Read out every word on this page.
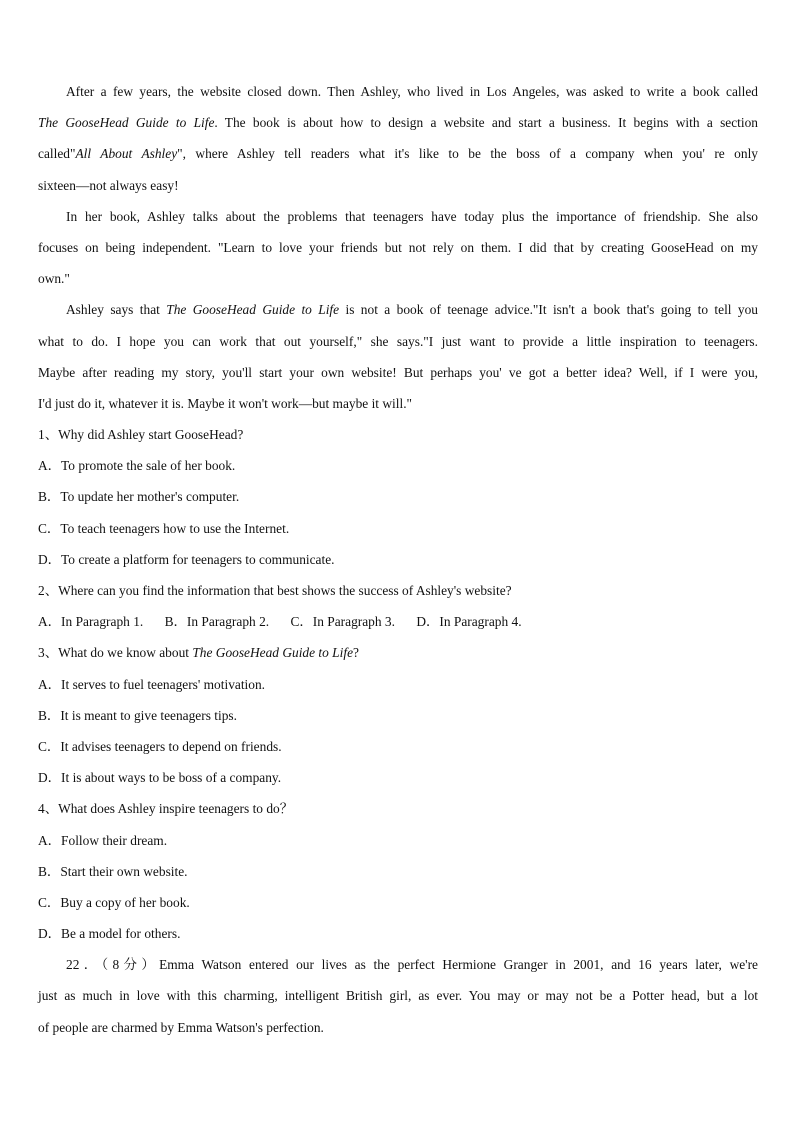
After a few years, the website closed down. Then Ashley, who lived in Los Angeles, was asked to write a book called
The GooseHead Guide to Life. The book is about how to design a website and start a business. It begins with a section
called"All About Ashley", where Ashley tell readers what it's like to be the boss of a company when you' re only
sixteen—not always easy!
In her book, Ashley talks about the problems that teenagers have today plus the importance of friendship. She also
focuses on being independent. "Learn to love your friends but not rely on them. I did that by creating GooseHead on my
own."
Ashley says that The GooseHead Guide to Life is not a book of teenage advice."It isn't a book that's going to tell you
what to do. I hope you can work that out yourself," she says."I just want to provide a little inspiration to teenagers.
Maybe after reading my story, you'll start your own website! But perhaps you' ve got a better idea? Well, if I were you,
I'd just do it, whatever it is. Maybe it won't work—but maybe it will."
1、Why did Ashley start GooseHead?
A．To promote the sale of her book.
B．To update her mother's computer.
C．To teach teenagers how to use the Internet.
D．To create a platform for teenagers to communicate.
2、Where can you find the information that best shows the success of Ashley's website?
A．In Paragraph 1. B．In Paragraph 2. C．In Paragraph 3. D．In Paragraph 4.
3、What do we know about The GooseHead Guide to Life?
A．It serves to fuel teenagers' motivation.
B．It is meant to give teenagers tips.
C．It advises teenagers to depend on friends.
D．It is about ways to be boss of a company.
4、What does Ashley inspire teenagers to do？
A．Follow their dream.
B．Start their own website.
C．Buy a copy of her book.
D．Be a model for others.
22．（8分）Emma Watson entered our lives as the perfect Hermione Granger in 2001, and 16 years later, we're
just as much in love with this charming, intelligent British girl, as ever. You may or may not be a Potter head, but a lot
of people are charmed by Emma Watson's perfection.
